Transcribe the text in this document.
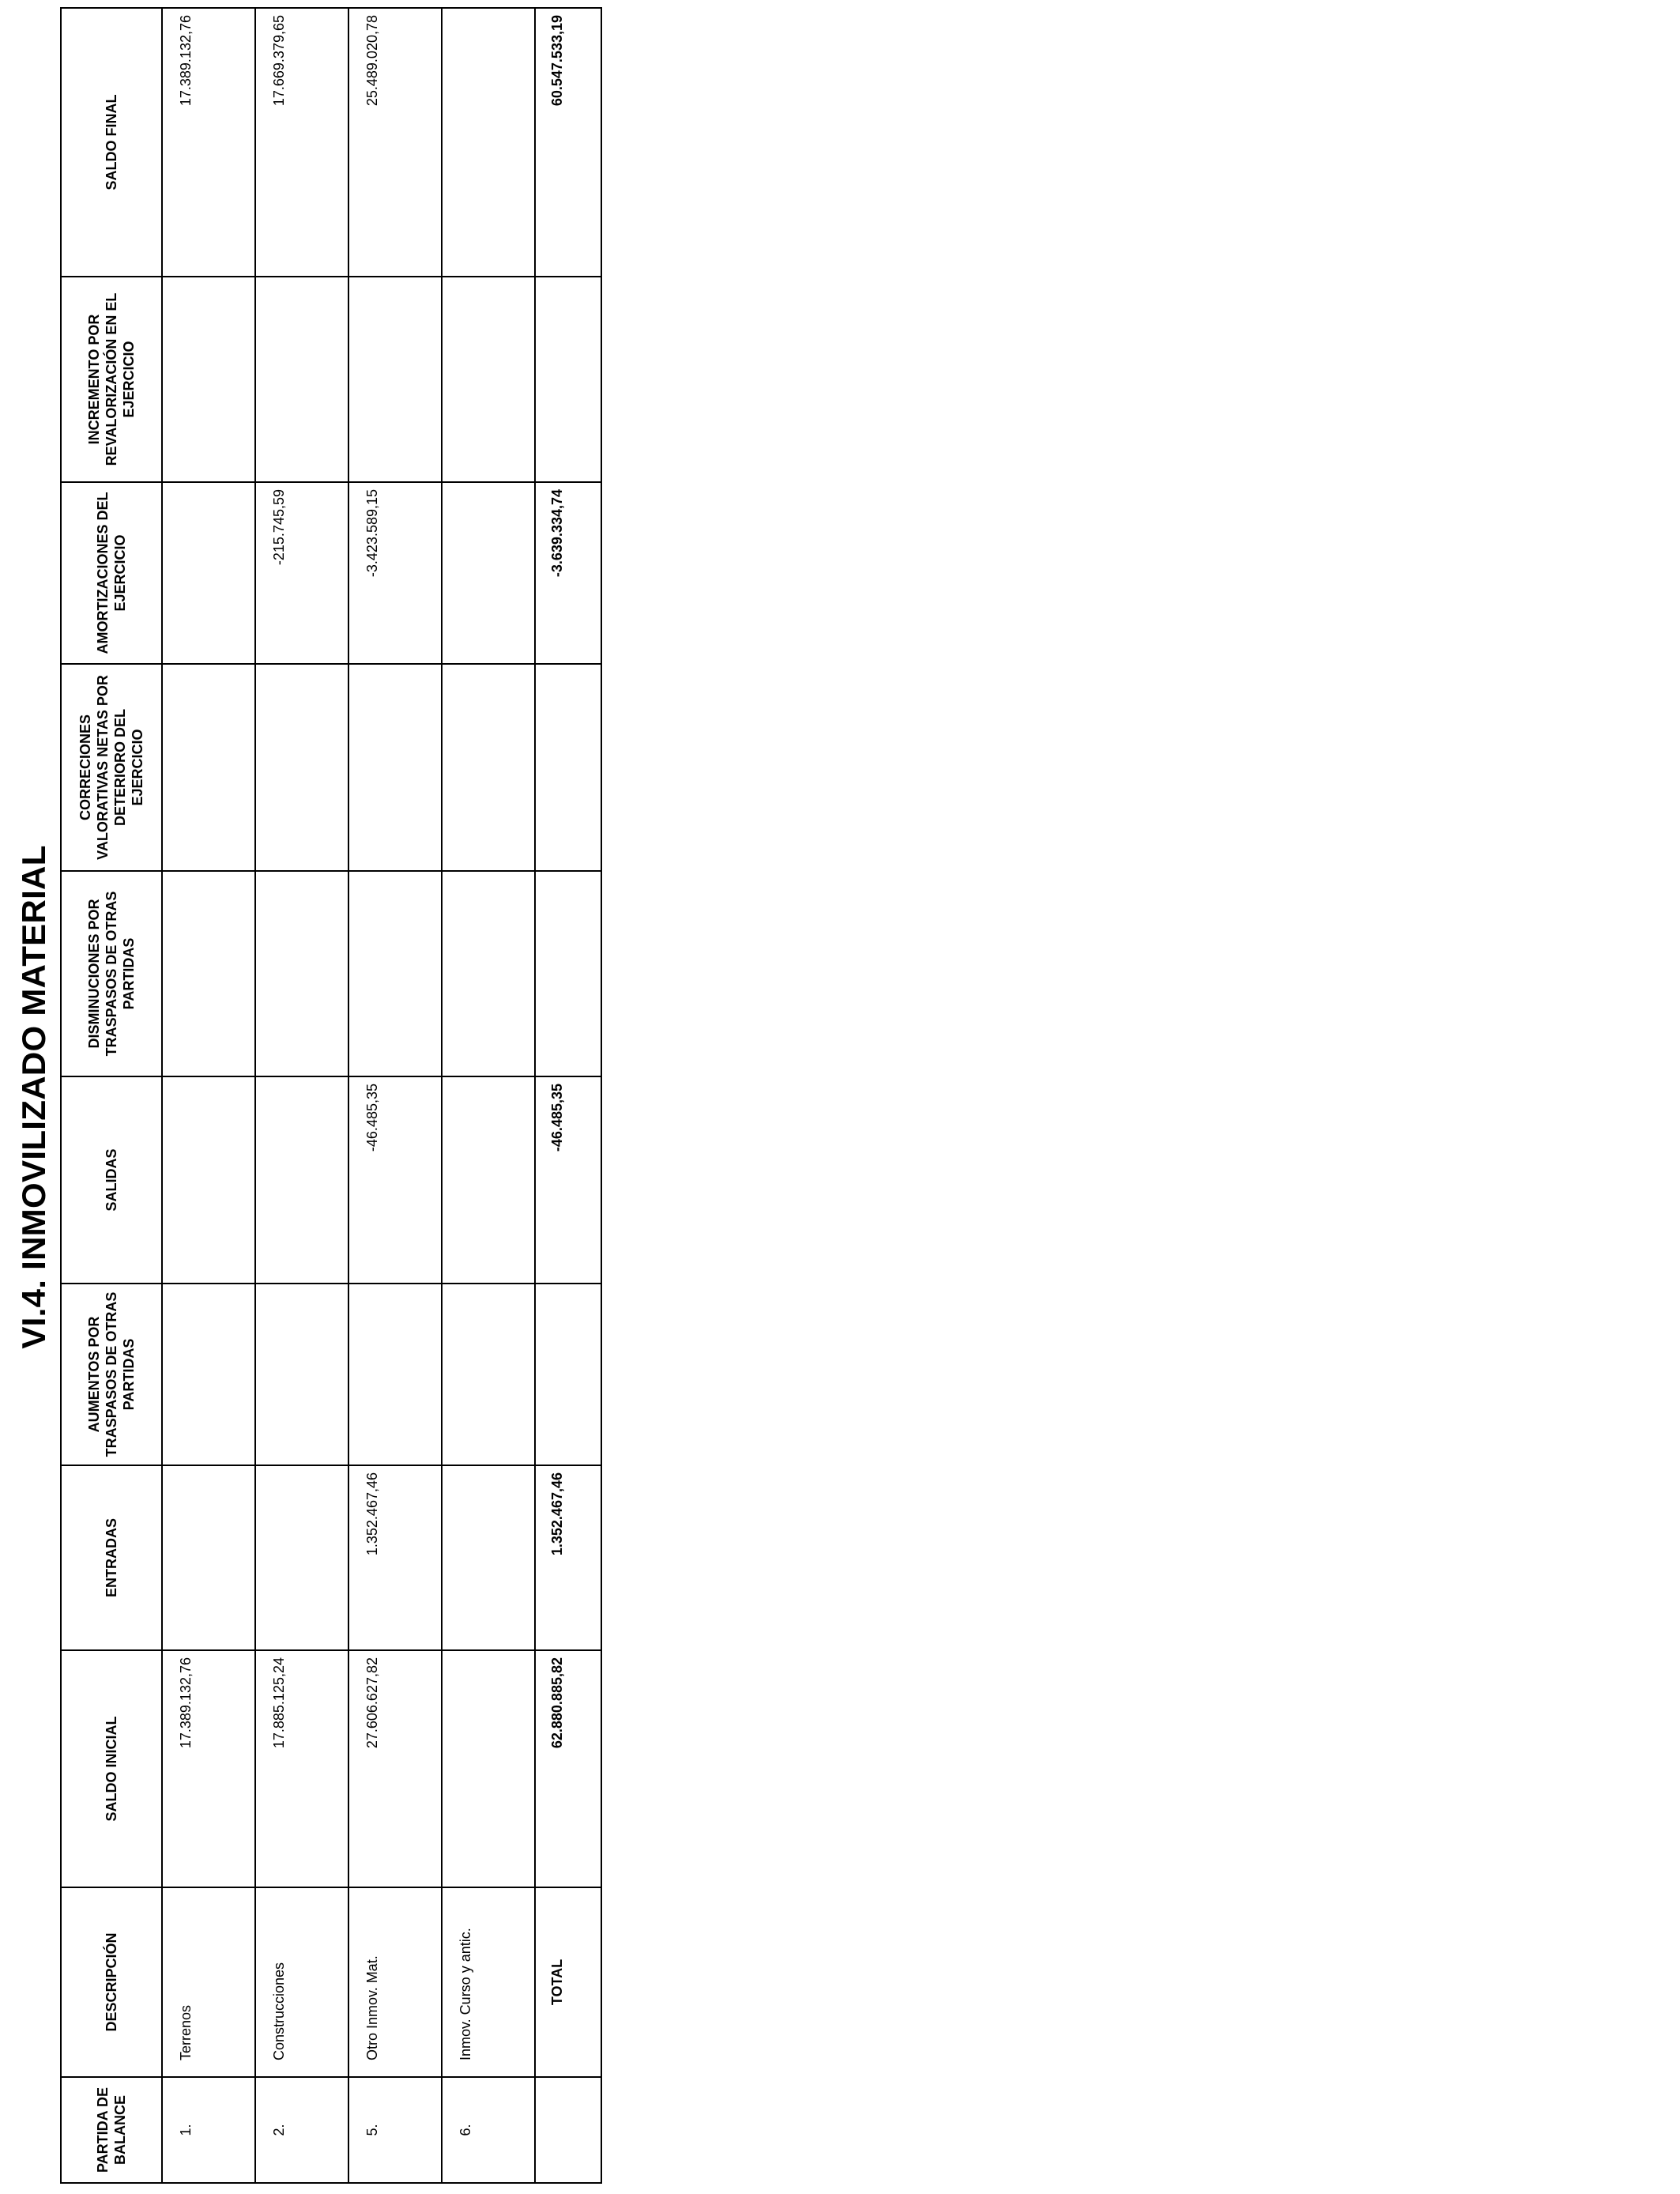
VI.4. INMOVILIZADO MATERIAL
PARTIDA DE BALANCE	DESCRIPCIÓN	SALDO INICIAL	ENTRADAS	AUMENTOS POR TRASPASOS DE OTRAS PARTIDAS	SALIDAS	DISMINUCIONES POR TRASPASOS DE OTRAS PARTIDAS	CORRECIONES VALORATIVAS NETAS POR DETERIORO DEL EJERCICIO	AMORTIZACIONES DEL EJERCICIO	INCREMENTO POR REVALORIZACIÓN EN EL EJERCICIO	SALDO FINAL
1.	Terrenos	17.389.132,76								17.389.132,76
2.	Construcciones	17.885.125,24						-215.745,59		17.669.379,65
5.	Otro Inmov. Mat.	27.606.627,82	1.352.467,46		-46.485,35			-3.423.589,15		25.489.020,78
6.	Inmov. Curso y antic.									
	TOTAL	62.880.885,82	1.352.467,46		-46.485,35			-3.639.334,74		60.547.533,19
